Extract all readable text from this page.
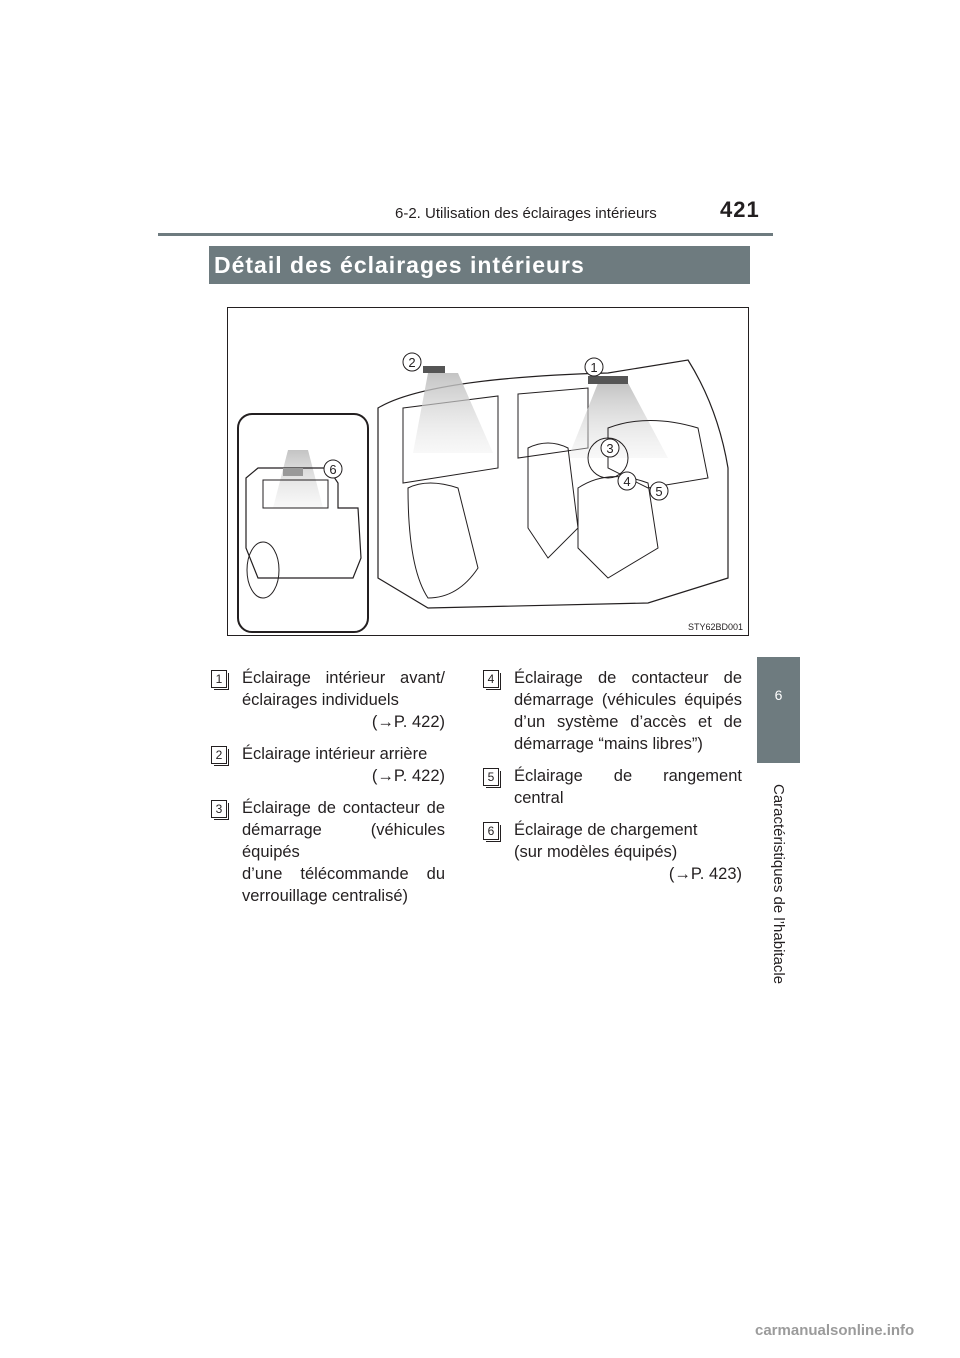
6-2. Utilisation des éclairages intérieurs	421
6
Caractéristiques de l’habitacle
Détail des éclairages intérieurs
2	1
3
4
5
6
STY62BD001
1 Éclairage intérieur avant/
éclairages individuels
(→P. 422)
2 Éclairage intérieur arrière
(→P. 422)
3 Éclairage de contacteur de
démarrage (véhicules équipés
d’une télécommande du
verrouillage centralisé)
4 Éclairage de contacteur de
démarrage (véhicules équipés
d’un système d’accès et de
démarrage “mains libres”)
5 Éclairage de rangement
central
6 Éclairage de chargement
(sur modèles équipés)
(→P. 423)
carmanualsonline.info
